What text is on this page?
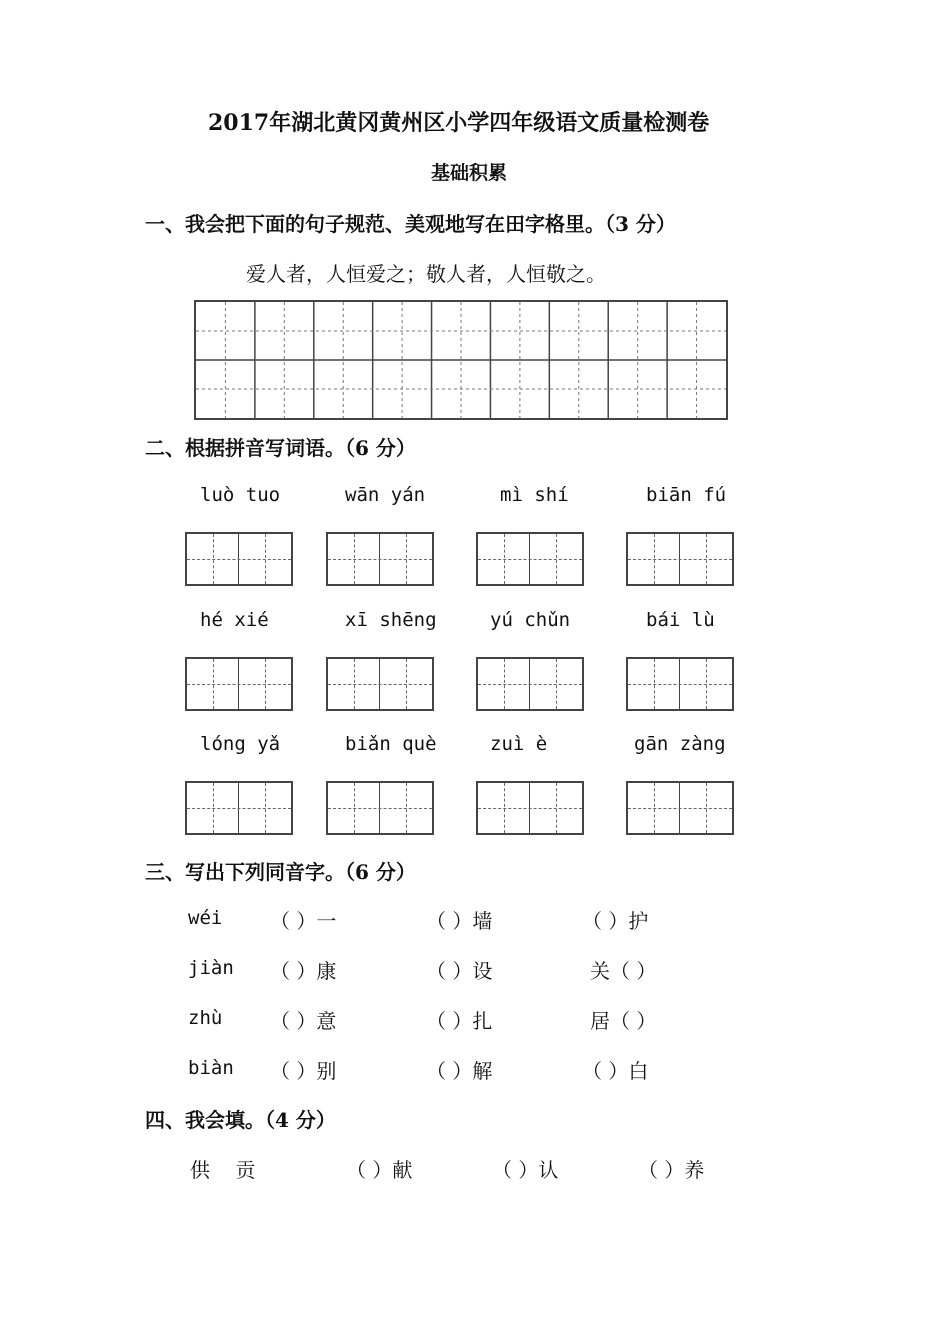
2017年湖北黄冈黄州区小学四年级语文质量检测卷
基础积累
一、我会把下面的句子规范、美观地写在田字格里。（3 分）
爱人者，人恒爱之；敬人者，人恒敬之。
二、根据拼音写词语。（6 分）
luò tuo	wān yán	mì shí	biān fú
hé xié	xī shēng	yú chǔn	bái lù
lóng yǎ	biǎn què	zuì è	gān zàng
三、写出下列同音字。（6 分）
wéi （ ）一	（ ）墙	（ ）护
jiàn （ ）康	（ ）设	关（ ）
zhù （ ）意	（ ）扎	居（ ）
biàn （ ）别	（ ）解	（ ）白
四、我会填。（4 分）
供    贡	（ ）献	（ ）认	（ ）养
